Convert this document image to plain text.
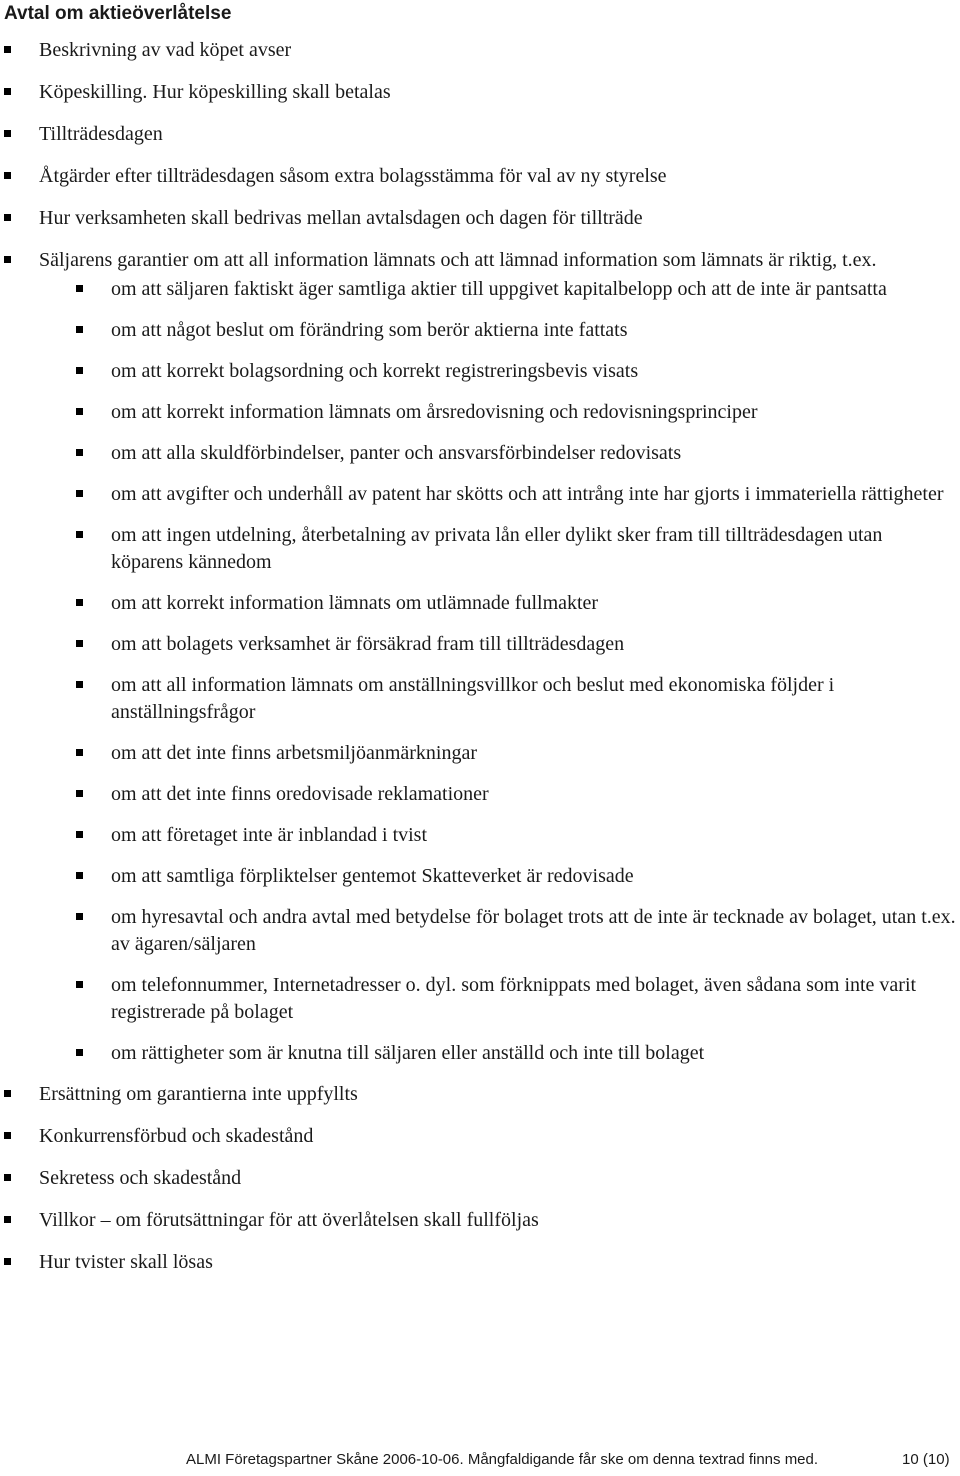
Avtal om aktieöverlåtelse
Beskrivning av vad köpet avser
Köpeskilling. Hur köpeskilling skall betalas
Tillträdesdagen
Åtgärder efter tillträdesdagen såsom extra bolagsstämma för val av ny styrelse
Hur verksamheten skall bedrivas mellan avtalsdagen och dagen för tillträde
Säljarens garantier om att all information lämnats och att lämnad information som lämnats är riktig, t.ex.
om att säljaren faktiskt äger samtliga aktier till uppgivet kapitalbelopp och att de inte är pantsatta
om att något beslut om förändring som berör aktierna inte fattats
om att korrekt bolagsordning och korrekt registreringsbevis visats
om att korrekt information lämnats om årsredovisning och redovisningsprinciper
om att alla skuldförbindelser, panter och ansvarsförbindelser redovisats
om att avgifter och underhåll av patent har skötts och att intrång inte har gjorts i immateriella rättigheter
om att ingen utdelning, återbetalning av privata lån eller dylikt sker fram till tillträdesdagen utan köparens kännedom
om att korrekt information lämnats om utlämnade fullmakter
om att bolagets verksamhet är försäkrad fram till tillträdesdagen
om att all information lämnats om anställningsvillkor och beslut med ekonomiska följder i anställningsfrågor
om att det inte finns arbetsmiljöanmärkningar
om att det inte finns oredovisade reklamationer
om att företaget inte är inblandad i tvist
om att samtliga förpliktelser gentemot Skatteverket är redovisade
om hyresavtal och andra avtal med betydelse för bolaget trots att de inte är tecknade av bolaget, utan t.ex. av ägaren/säljaren
om telefonnummer, Internetadresser o. dyl. som förknippats med bolaget, även sådana som inte varit registrerade på bolaget
om rättigheter som är knutna till säljaren eller anställd och inte till bolaget
Ersättning om garantierna inte uppfyllts
Konkurrensförbud och skadestånd
Sekretess och skadestånd
Villkor – om förutsättningar för att överlåtelsen skall fullföljas
Hur tvister skall lösas
ALMI Företagspartner Skåne 2006-10-06. Mångfaldigande får ske om denna textrad finns med.	10 (10)
